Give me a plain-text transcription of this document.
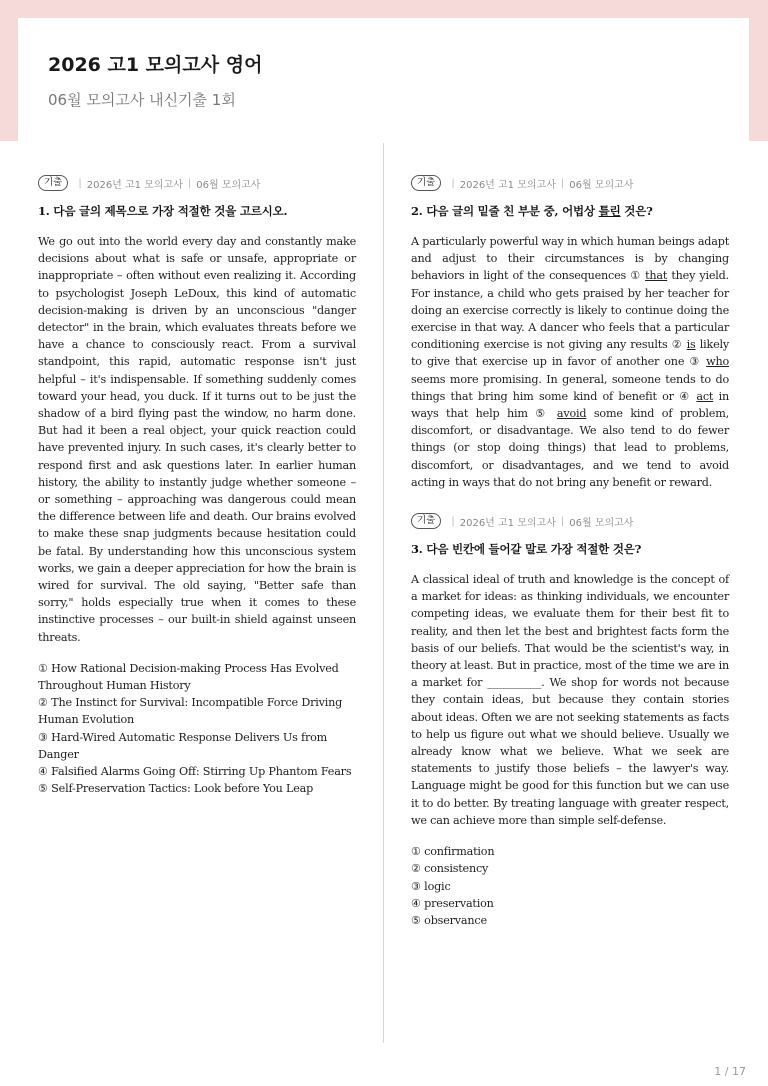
2026 고1 모의고사 영어
06월 모의고사 내신기출 1회
기출	| 2026년 고1 모의고사 | 06월 모의고사
1. 다음 글의 제목으로 가장 적절한 것을 고르시오.
We go out into the world every day and constantly make decisions about what is safe or unsafe, appropriate or inappropriate – often without even realizing it. According to psychologist Joseph LeDoux, this kind of automatic decision-making is driven by an unconscious "danger detector" in the brain, which evaluates threats before we have a chance to consciously react. From a survival standpoint, this rapid, automatic response isn't just helpful – it's indispensable. If something suddenly comes toward your head, you duck. If it turns out to be just the shadow of a bird flying past the window, no harm done. But had it been a real object, your quick reaction could have prevented injury. In such cases, it's clearly better to respond first and ask questions later. In earlier human history, the ability to instantly judge whether someone – or something – approaching was dangerous could mean the difference between life and death. Our brains evolved to make these snap judgments because hesitation could be fatal. By understanding how this unconscious system works, we gain a deeper appreciation for how the brain is wired for survival. The old saying, "Better safe than sorry," holds especially true when it comes to these instinctive processes – our built-in shield against unseen threats.
① How Rational Decision-making Process Has Evolved Throughout Human History
② The Instinct for Survival: Incompatible Force Driving Human Evolution
③ Hard-Wired Automatic Response Delivers Us from Danger
④ Falsified Alarms Going Off: Stirring Up Phantom Fears
⑤ Self-Preservation Tactics: Look before You Leap
기출	| 2026년 고1 모의고사 | 06월 모의고사
2. 다음 글의 밑줄 친 부분 중, 어법상 틀린 것은?
A particularly powerful way in which human beings adapt and adjust to their circumstances is by changing behaviors in light of the consequences ① that they yield. For instance, a child who gets praised by her teacher for doing an exercise correctly is likely to continue doing the exercise in that way. A dancer who feels that a particular conditioning exercise is not giving any results ② is likely to give that exercise up in favor of another one ③ who seems more promising. In general, someone tends to do things that bring him some kind of benefit or ④ act in ways that help him ⑤ avoid some kind of problem, discomfort, or disadvantage. We also tend to do fewer things (or stop doing things) that lead to problems, discomfort, or disadvantages, and we tend to avoid acting in ways that do not bring any benefit or reward.
기출	| 2026년 고1 모의고사 | 06월 모의고사
3. 다음 빈칸에 들어갈 말로 가장 적절한 것은?
A classical ideal of truth and knowledge is the concept of a market for ideas: as thinking individuals, we encounter competing ideas, we evaluate them for their best fit to reality, and then let the best and brightest facts form the basis of our beliefs. That would be the scientist's way, in theory at least. But in practice, most of the time we are in a market for __________. We shop for words not because they contain ideas, but because they contain stories about ideas. Often we are not seeking statements as facts to help us figure out what we should believe. Usually we already know what we believe. What we seek are statements to justify those beliefs – the lawyer's way. Language might be good for this function but we can use it to do better. By treating language with greater respect, we can achieve more than simple self-defense.
① confirmation
② consistency
③ logic
④ preservation
⑤ observance
1 / 17
